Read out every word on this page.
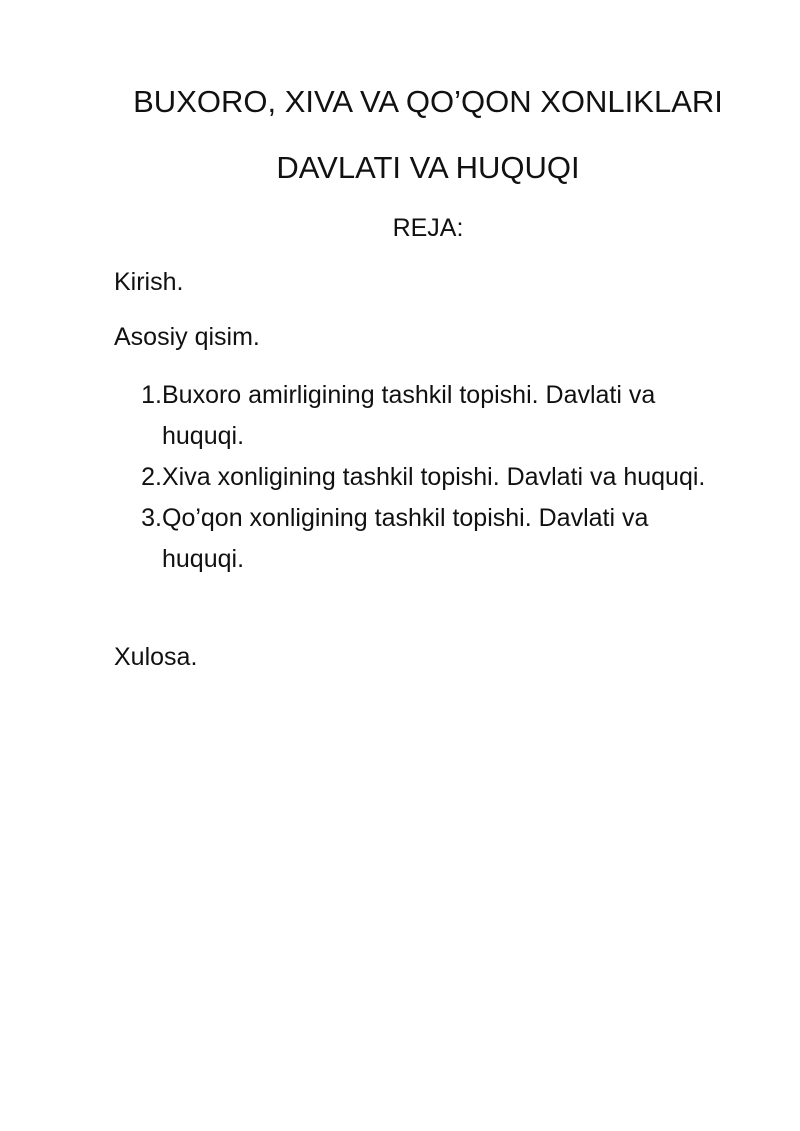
BUXORO, XIVA VA QO’QON XONLIKLARI
DAVLATI VA HUQUQI
REJA:
Kirish.
Asosiy qisim.
1. Buxoro amirligining tashkil topishi. Davlati va huquqi.
2. Xiva xonligining tashkil topishi. Davlati va huquqi.
3. Qo’qon xonligining tashkil topishi. Davlati va huquqi.
Xulosa.
